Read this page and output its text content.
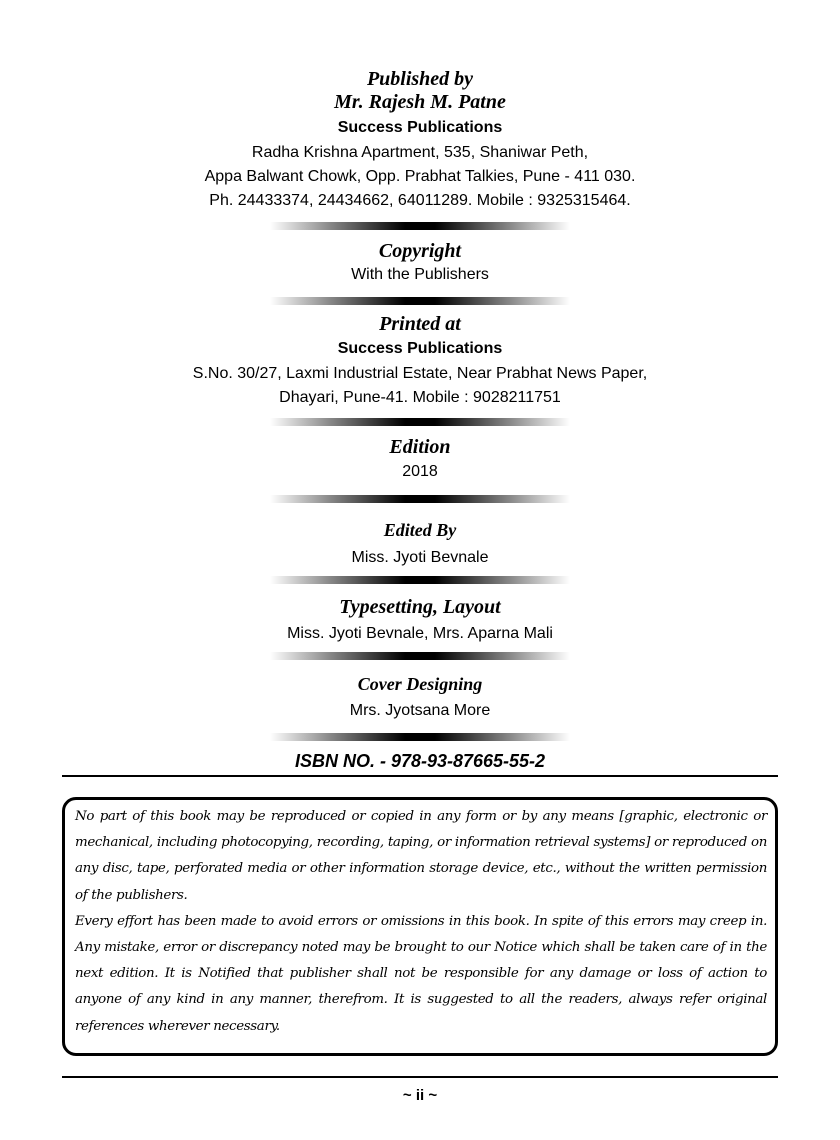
Published by
Mr. Rajesh M. Patne
Success Publications
Radha Krishna Apartment, 535, Shaniwar Peth,
Appa Balwant Chowk, Opp. Prabhat Talkies, Pune - 411 030.
Ph. 24433374, 24434662, 64011289. Mobile : 9325315464.
Copyright
With the Publishers
Printed at
Success Publications
S.No. 30/27, Laxmi Industrial Estate, Near Prabhat News Paper,
Dhayari, Pune-41. Mobile : 9028211751
Edition
2018
Edited By
Miss. Jyoti Bevnale
Typesetting, Layout
Miss. Jyoti Bevnale, Mrs. Aparna Mali
Cover Designing
Mrs. Jyotsana More
ISBN NO. - 978-93-87665-55-2

No part of this book may be reproduced or copied in any form or by any means [graphic, electronic or mechanical, including photocopying, recording, taping, or information retrieval systems] or reproduced on any disc, tape, perforated media or other information storage device, etc., without the written permission of the publishers.

Every effort has been made to avoid errors or omissions in this book. In spite of this errors may creep in. Any mistake, error or discrepancy noted may be brought to our Notice which shall be taken care of in the next edition. It is Notified that publisher shall not be responsible for any damage or loss of action to anyone of any kind in any manner, therefrom. It is suggested to all the readers, always refer original references wherever necessary.

~ ii ~
